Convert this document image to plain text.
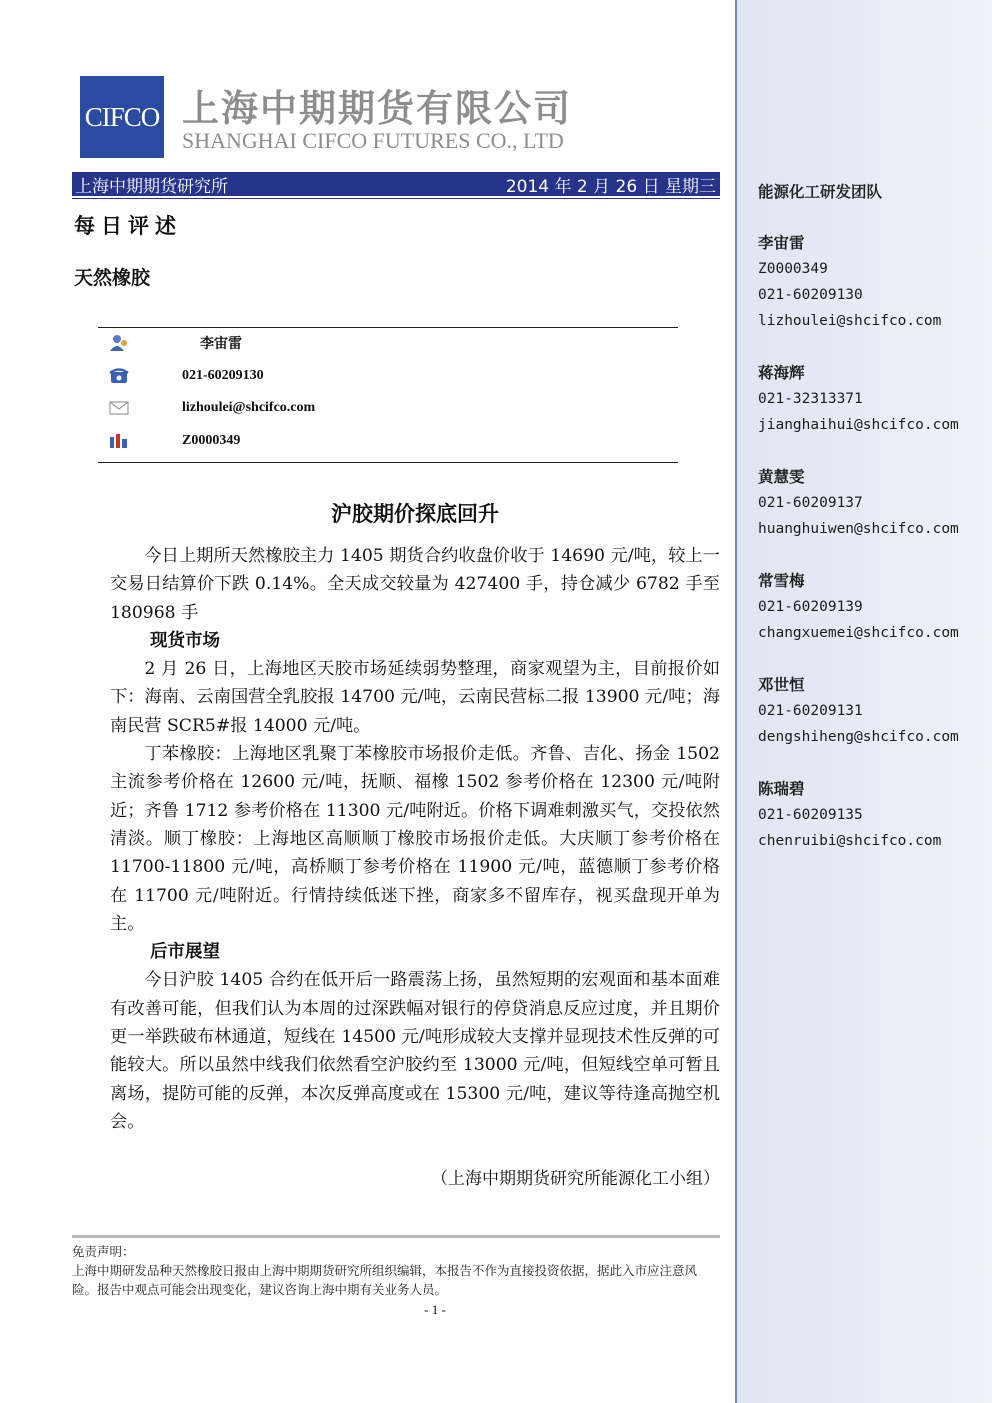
CIFCO 上海中期期货有限公司
SHANGHAI CIFCO FUTURES CO., LTD
上海中期期货研究所	2014 年 2 月 26 日 星期三
每日评述
天然橡胶
李宙雷
021-60209130
lizhoulei@shcifco.com
Z0000349
沪胶期价探底回升

今日上期所天然橡胶主力 1405 期货合约收盘价收于 14690 元/吨，较上一交易日结算价下跌 0.14%。全天成交较量为 427400 手，持仓减少 6782 手至 180968 手

现货市场

2 月 26 日，上海地区天胶市场延续弱势整理，商家观望为主，目前报价如下：海南、云南国营全乳胶报 14700 元/吨，云南民营标二报 13900 元/吨；海南民营 SCR5#报 14000 元/吨。

丁苯橡胶：上海地区乳聚丁苯橡胶市场报价走低。齐鲁、吉化、扬金 1502 主流参考价格在 12600 元/吨，抚顺、福橡 1502 参考价格在 12300 元/吨附近；齐鲁 1712 参考价格在 11300 元/吨附近。价格下调难刺激买气，交投依然清淡。顺丁橡胶：上海地区高顺顺丁橡胶市场报价走低。大庆顺丁参考价格在 11700-11800 元/吨，高桥顺丁参考价格在 11900 元/吨，蓝德顺丁参考价格在 11700 元/吨附近。行情持续低迷下挫，商家多不留库存，视买盘现开单为主。

后市展望

今日沪胶 1405 合约在低开后一路震荡上扬，虽然短期的宏观面和基本面难有改善可能，但我们认为本周的过深跌幅对银行的停贷消息反应过度，并且期价更一举跌破布林通道，短线在 14500 元/吨形成较大支撑并显现技术性反弹的可能较大。所以虽然中线我们依然看空沪胶约至 13000 元/吨，但短线空单可暂且离场，提防可能的反弹，本次反弹高度或在 15300 元/吨，建议等待逢高抛空机会。

（上海中期期货研究所能源化工小组）

免责声明：

上海中期研发品种天然橡胶日报由上海中期期货研究所组织编辑，本报告不作为直接投资依据，据此入市应注意风险。报告中观点可能会出现变化，建议咨询上海中期有关业务人员。

- 1 -
能源化工研发团队
李宙雷
Z0000349
021-60209130
lizhoulei@shcifco.com
蒋海辉
021-32313371
jianghaihui@shcifco.com
黄慧雯
021-60209137
huanghuiwen@shcifco.com
常雪梅
021-60209139
changxuemei@shcifco.com
邓世恒
021-60209131
dengshiheng@shcifco.com
陈瑞碧
021-60209135
chenruibi@shcifco.com
